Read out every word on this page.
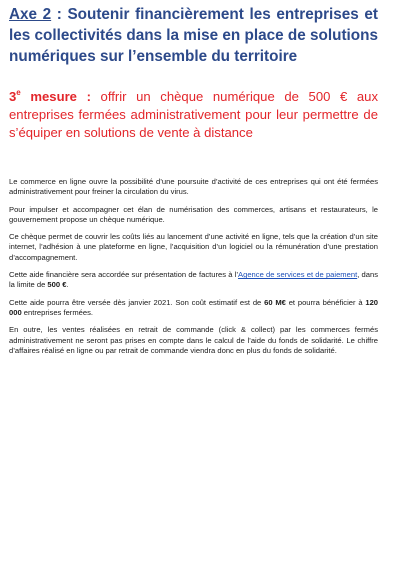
Axe 2 : Soutenir financièrement les entreprises et les collectivités dans la mise en place de solutions numériques sur l’ensemble du territoire

3e mesure : offrir un chèque numérique de 500 € aux entreprises fermées administrativement pour leur permettre de s’équiper en solutions de vente à distance

Le commerce en ligne ouvre la possibilité d’une poursuite d’activité de ces entreprises qui ont été fermées administrativement pour freiner la circulation du virus.

Pour impulser et accompagner cet élan de numérisation des commerces, artisans et restaurateurs, le gouvernement propose un chèque numérique.

Ce chèque permet de couvrir les coûts liés au lancement d’une activité en ligne, tels que la création d’un site internet, l’adhésion à une plateforme en ligne, l’acquisition d’un logiciel ou la rémunération d’une prestation d’accompagnement.

Cette aide financière sera accordée sur présentation de factures à l’Agence de services et de paiement, dans la limite de 500 €.

Cette aide pourra être versée dès janvier 2021. Son coût estimatif est de 60 M€ et pourra bénéficier à 120 000 entreprises fermées.

En outre, les ventes réalisées en retrait de commande (click & collect) par les commerces fermés administrativement ne seront pas prises en compte dans le calcul de l’aide du fonds de solidarité. Le chiffre d’affaires réalisé en ligne ou par retrait de commande viendra donc en plus du fonds de solidarité.
